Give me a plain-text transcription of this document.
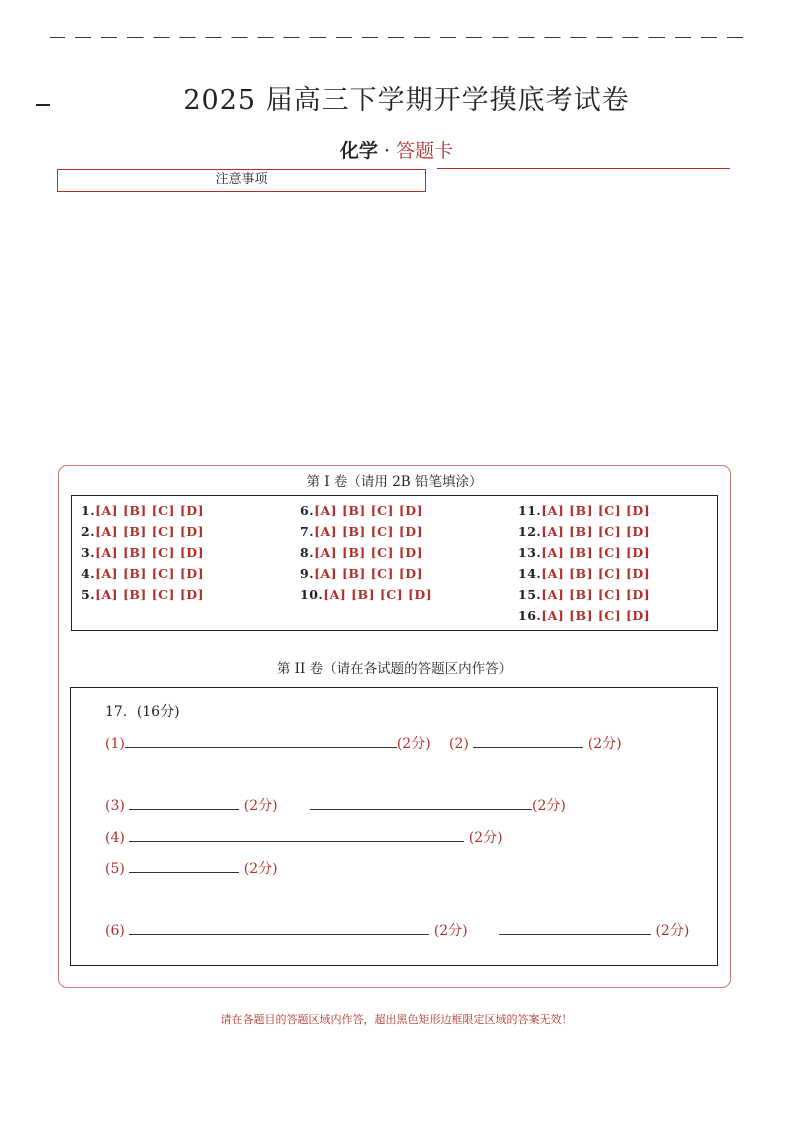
2025 届高三下学期开学摸底考试卷
化学 · 答题卡
注意事项
第 I 卷（请用 2B 铅笔填涂）
1.[A] [B] [C] [D]
2.[A] [B] [C] [D]
3.[A] [B] [C] [D]
4.[A] [B] [C] [D]
5.[A] [B] [C] [D]
6.[A] [B] [C] [D]
7.[A] [B] [C] [D]
8.[A] [B] [C] [D]
9.[A] [B] [C] [D]
10.[A] [B] [C] [D]
11.[A] [B] [C] [D]
12.[A] [B] [C] [D]
13.[A] [B] [C] [D]
14.[A] [B] [C] [D]
15.[A] [B] [C] [D]
16.[A] [B] [C] [D]
第 II 卷（请在各试题的答题区内作答）
17．(16分)
(1)	(2分) (2)	(2分)
(3)	(2分)	(2分)
(4)	(2分)
(5)	(2分)
(6)	(2分)	(2分)
请在各题目的答题区域内作答，超出黑色矩形边框限定区域的答案无效！
